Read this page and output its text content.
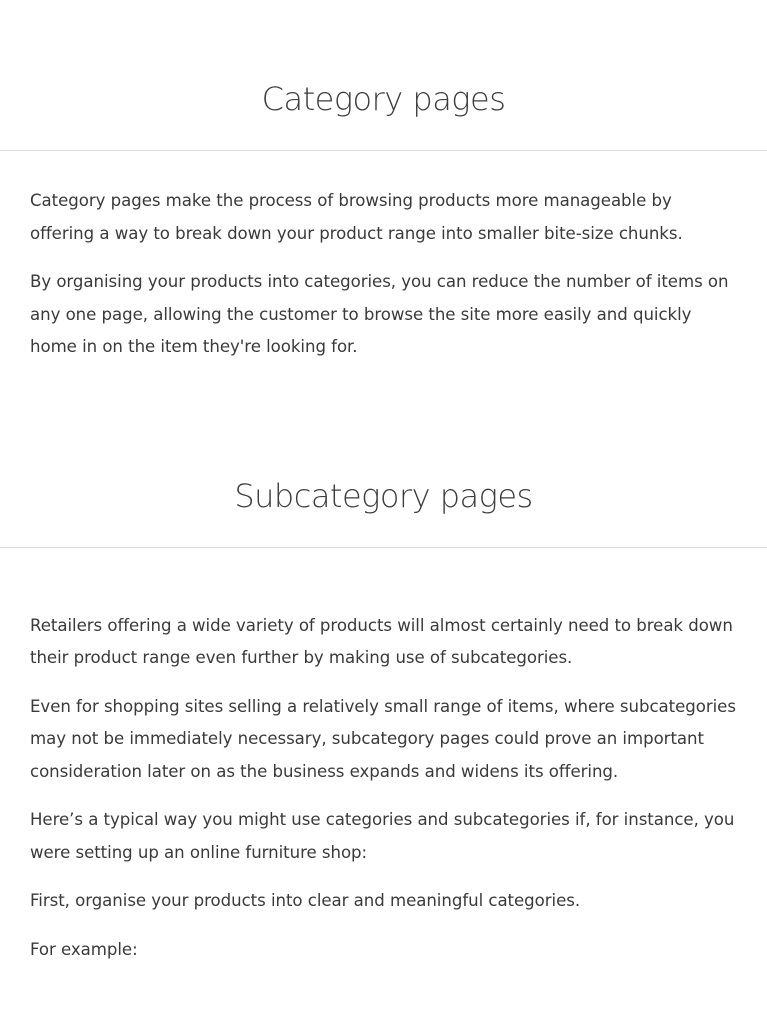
Category pages

Category pages make the process of browsing products more manageable by offering a way to break down your product range into smaller bite-size chunks.

By organising your products into categories, you can reduce the number of items on any one page, allowing the customer to browse the site more easily and quickly home in on the item they're looking for.

Subcategory pages

Retailers offering a wide variety of products will almost certainly need to break down their product range even further by making use of subcategories.

Even for shopping sites selling a relatively small range of items, where subcategories may not be immediately necessary, subcategory pages could prove an important consideration later on as the business expands and widens its offering.

Here’s a typical way you might use categories and subcategories if, for instance, you were setting up an online furniture shop:

First, organise your products into clear and meaningful categories.

For example:
